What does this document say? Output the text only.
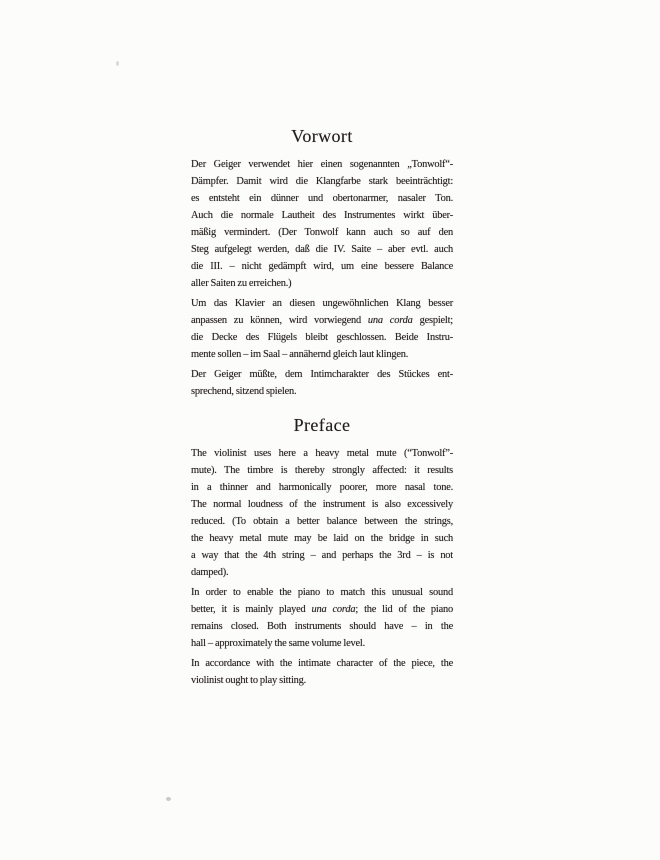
Vorwort
Der Geiger verwendet hier einen sogenannten „Tonwolf“-
Dämpfer. Damit wird die Klangfarbe stark beeinträchtigt:
es entsteht ein dünner und obertonarmer, nasaler Ton.
Auch die normale Lautheit des Instrumentes wirkt über-
mäßig vermindert. (Der Tonwolf kann auch so auf den
Steg aufgelegt werden, daß die IV. Saite – aber evtl. auch
die III. – nicht gedämpft wird, um eine bessere Balance
aller Saiten zu erreichen.)
Um das Klavier an diesen ungewöhnlichen Klang besser
anpassen zu können, wird vorwiegend una corda gespielt;
die Decke des Flügels bleibt geschlossen. Beide Instru-
mente sollen – im Saal – annähernd gleich laut klingen.
Der Geiger müßte, dem Intimcharakter des Stückes ent-
sprechend, sitzend spielen.
Preface
The violinist uses here a heavy metal mute (“Tonwolf”-
mute). The timbre is thereby strongly affected: it results
in a thinner and harmonically poorer, more nasal tone.
The normal loudness of the instrument is also excessively
reduced. (To obtain a better balance between the strings,
the heavy metal mute may be laid on the bridge in such
a way that the 4th string – and perhaps the 3rd – is not
damped).
In order to enable the piano to match this unusual sound
better, it is mainly played una corda; the lid of the piano
remains closed. Both instruments should have – in the
hall – approximately the same volume level.
In accordance with the intimate character of the piece, the
violinist ought to play sitting.
